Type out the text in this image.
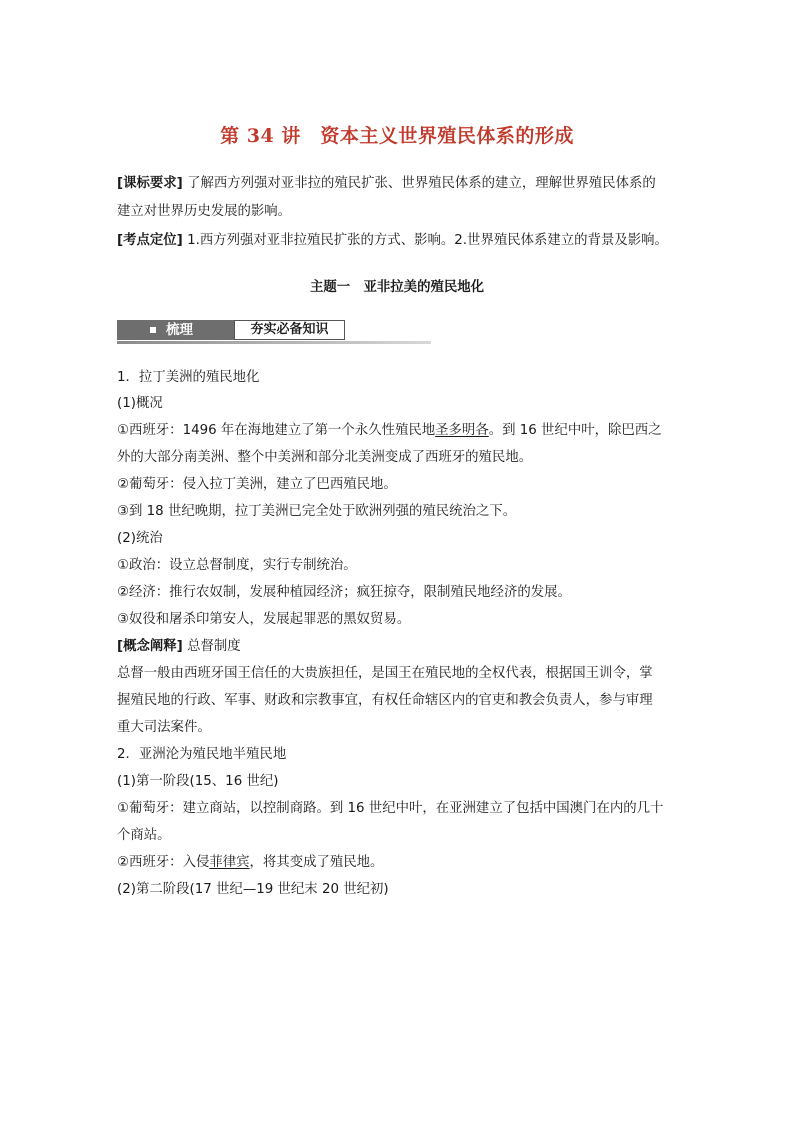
第 34 讲　资本主义世界殖民体系的形成
[课标要求] 了解西方列强对亚非拉的殖民扩张、世界殖民体系的建立，理解世界殖民体系的
建立对世界历史发展的影响。
[考点定位] 1.西方列强对亚非拉殖民扩张的方式、影响。2.世界殖民体系建立的背景及影响。
主题一　亚非拉美的殖民地化
梳理	夯实必备知识
1．拉丁美洲的殖民地化
(1)概况
①西班牙：1496 年在海地建立了第一个永久性殖民地圣多明各。到 16 世纪中叶，除巴西之
外的大部分南美洲、整个中美洲和部分北美洲变成了西班牙的殖民地。
②葡萄牙：侵入拉丁美洲，建立了巴西殖民地。
③到 18 世纪晚期，拉丁美洲已完全处于欧洲列强的殖民统治之下。
(2)统治
①政治：设立总督制度，实行专制统治。
②经济：推行农奴制，发展种植园经济；疯狂掠夺，限制殖民地经济的发展。
③奴役和屠杀印第安人，发展起罪恶的黑奴贸易。
[概念阐释] 总督制度
总督一般由西班牙国王信任的大贵族担任，是国王在殖民地的全权代表，根据国王训令，掌
握殖民地的行政、军事、财政和宗教事宜，有权任命辖区内的官吏和教会负责人，参与审理
重大司法案件。
2．亚洲沦为殖民地半殖民地
(1)第一阶段(15、16 世纪)
①葡萄牙：建立商站，以控制商路。到 16 世纪中叶，在亚洲建立了包括中国澳门在内的几十
个商站。
②西班牙：入侵菲律宾，将其变成了殖民地。
(2)第二阶段(17 世纪—19 世纪末 20 世纪初)
